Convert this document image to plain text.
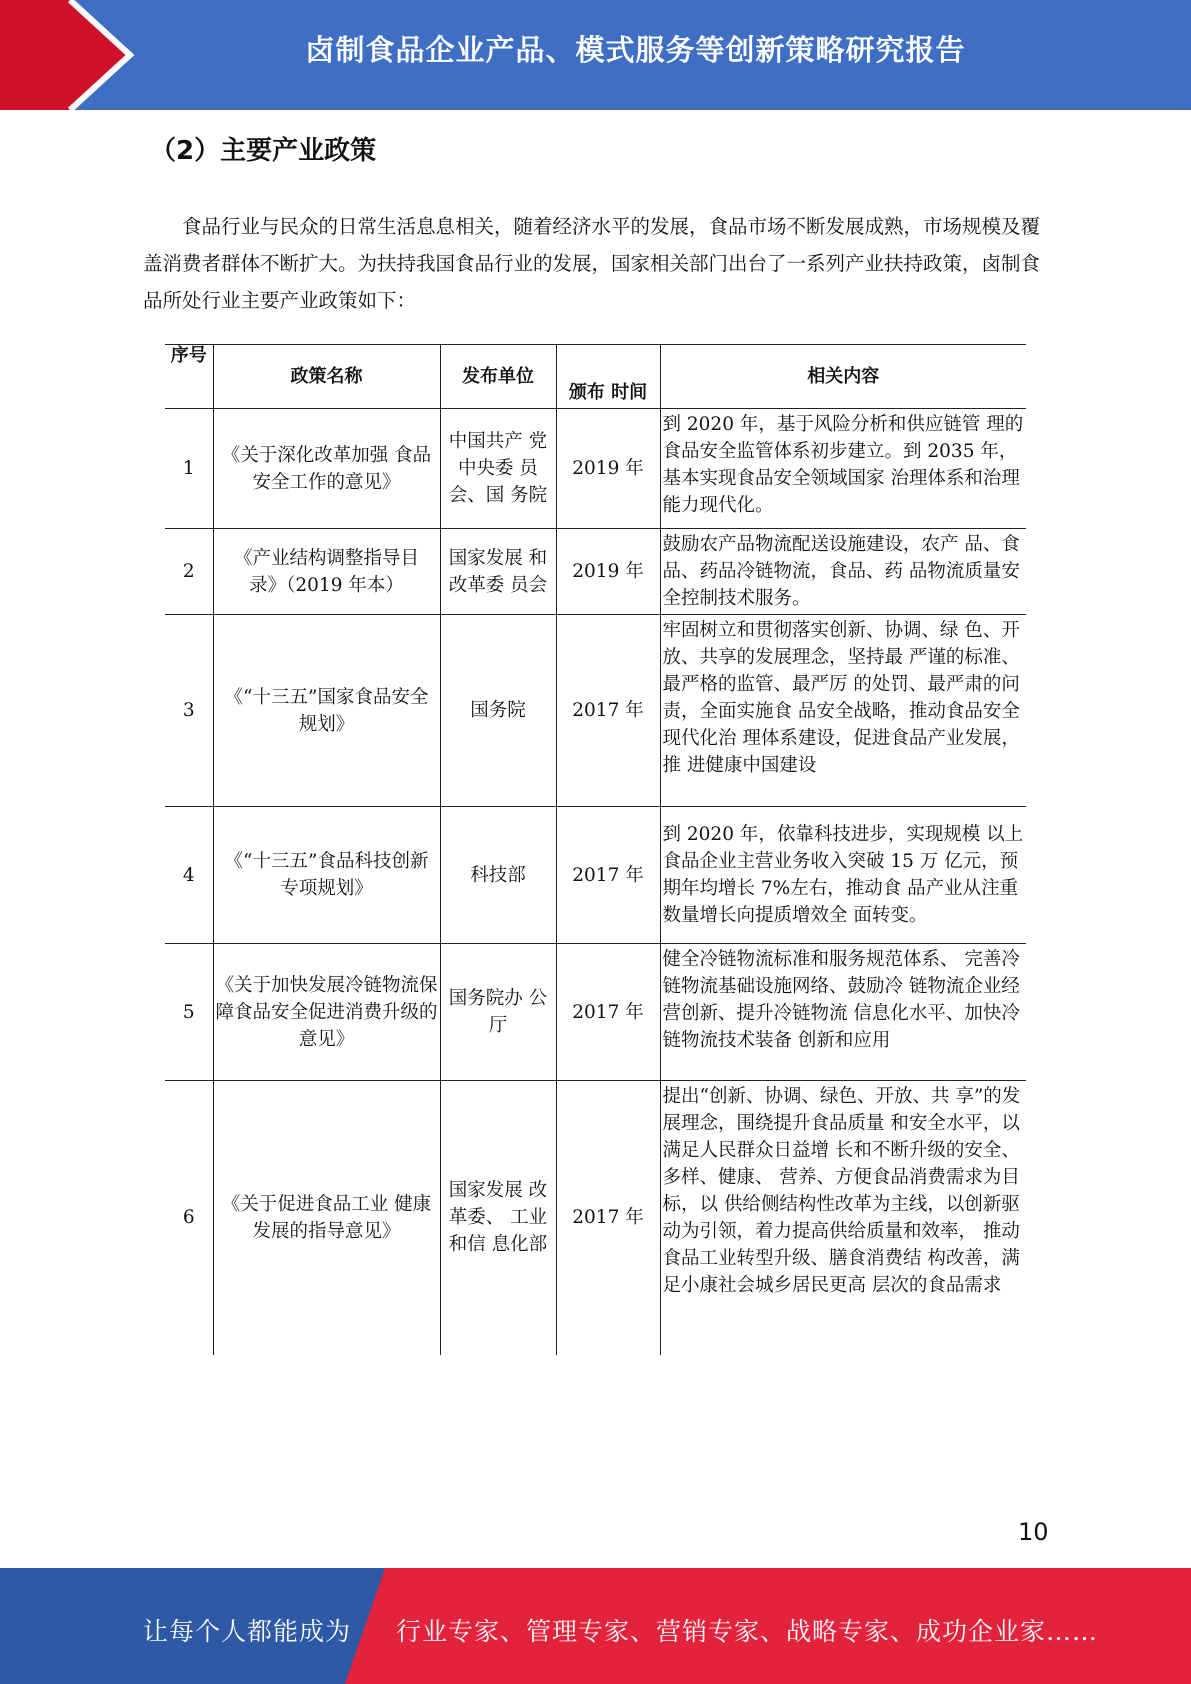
卤制食品企业产品、模式服务等创新策略研究报告
（2）主要产业政策

食品行业与民众的日常生活息息相关，随着经济水平的发展，食品市场不断发展成熟，市场规模及覆盖消费者群体不断扩大。为扶持我国食品行业的发展，国家相关部门出台了一系列产业扶持政策，卤制食品所处行业主要产业政策如下：

序号	政策名称	发布单位	颁布 时间	相关内容
1	《关于深化改革加强 食品安全工作的意见》	中国共产 党中央委 员会、国 务院	2019 年	到 2020 年，基于风险分析和供应链管 理的食品安全监管体系初步建立。到 2035 年，基本实现食品安全领域国家 治理体系和治理能力现代化。
2	《产业结构调整指导目录》（2019 年本）	国家发展 和改革委 员会	2019 年	鼓励农产品物流配送设施建设，农产 品、食品、药品冷链物流，食品、药 品物流质量安全控制技术服务。
3	《“十三五”国家食品安全规划》	国务院	2017 年	牢固树立和贯彻落实创新、协调、绿 色、开放、共享的发展理念，坚持最 严谨的标准、最严格的监管、最严厉 的处罚、最严肃的问责，全面实施食 品安全战略，推动食品安全现代化治 理体系建设，促进食品产业发展，推 进健康中国建设
4	《“十三五”食品科技创新专项规划》	科技部	2017 年	到 2020 年，依靠科技进步，实现规模 以上食品企业主营业务收入突破 15 万 亿元，预期年均增长 7%左右，推动食 品产业从注重数量增长向提质增效全 面转变。
5	《关于加快发展冷链物流保障食品安全促进消费升级的意见》	国务院办 公厅	2017 年	健全冷链物流标准和服务规范体系、 完善冷链物流基础设施网络、鼓励冷 链物流企业经营创新、提升冷链物流 信息化水平、加快冷链物流技术装备 创新和应用
6	《关于促进食品工业 健康发展的指导意见》	国家发展 改革委、 工业和信 息化部	2017 年	提出“创新、协调、绿色、开放、共 享”的发展理念，围绕提升食品质量 和安全水平，以满足人民群众日益增 长和不断升级的安全、多样、健康、 营养、方便食品消费需求为目标，以 供给侧结构性改革为主线，以创新驱 动为引领，着力提高供给质量和效率， 推动食品工业转型升级、膳食消费结 构改善，满足小康社会城乡居民更高 层次的食品需求
10
让每个人都能成为 行业专家、管理专家、营销专家、战略专家、成功企业家……
